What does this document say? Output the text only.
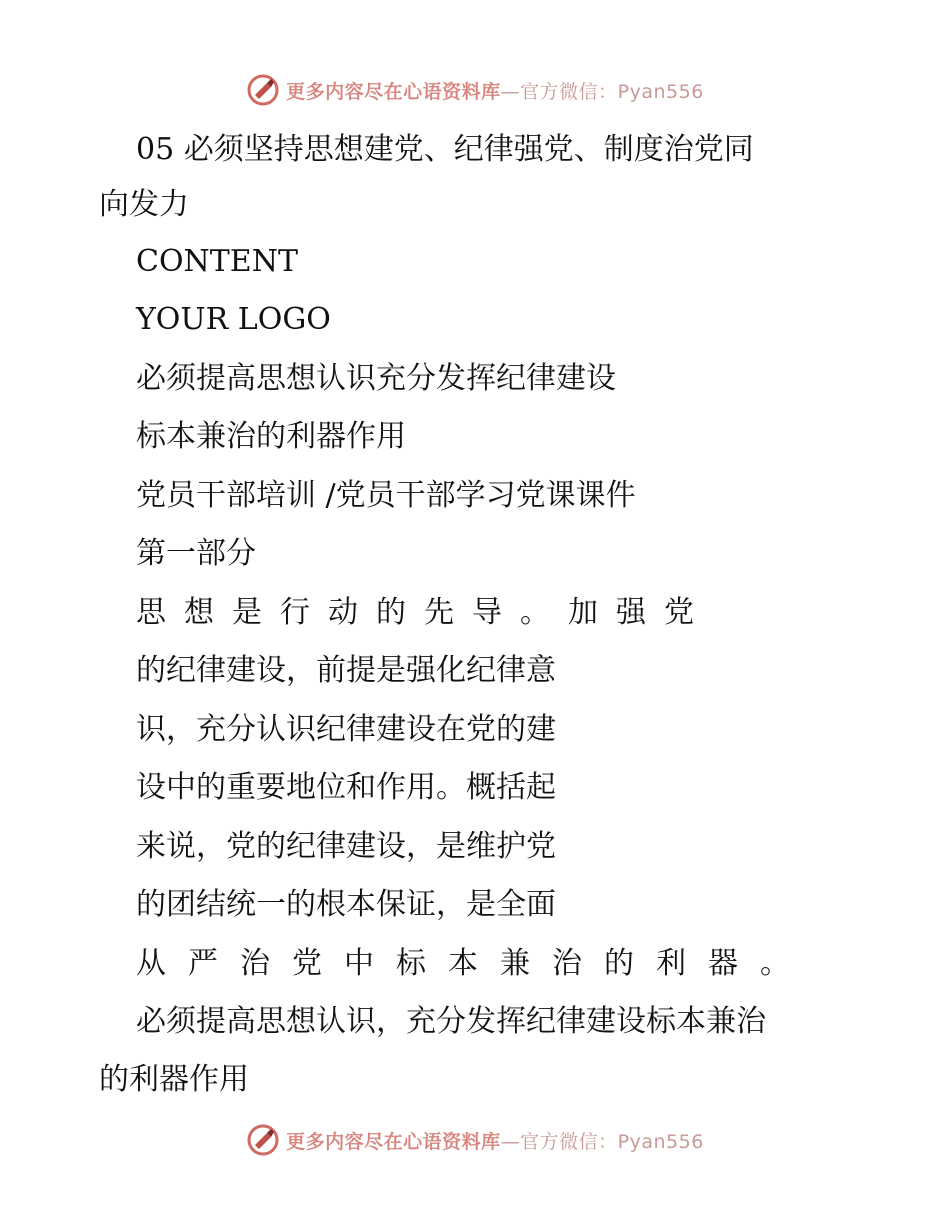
更多内容尽在心语资料库—官方微信：Pyan556
05 必须坚持思想建党、纪律强党、制度治党同
向发力
CONTENT
YOUR LOGO
必须提高思想认识充分发挥纪律建设
标本兼治的利器作用
党员干部培训 /党员干部学习党课课件
第一部分
思想是行动的先导。加强党
的纪律建设，前提是强化纪律意
识，充分认识纪律建设在党的建
设中的重要地位和作用。概括起
来说，党的纪律建设，是维护党
的团结统一的根本保证，是全面
从严治党中标本兼治的利器。
必须提高思想认识，充分发挥纪律建设标本兼治
的利器作用
更多内容尽在心语资料库—官方微信：Pyan556
